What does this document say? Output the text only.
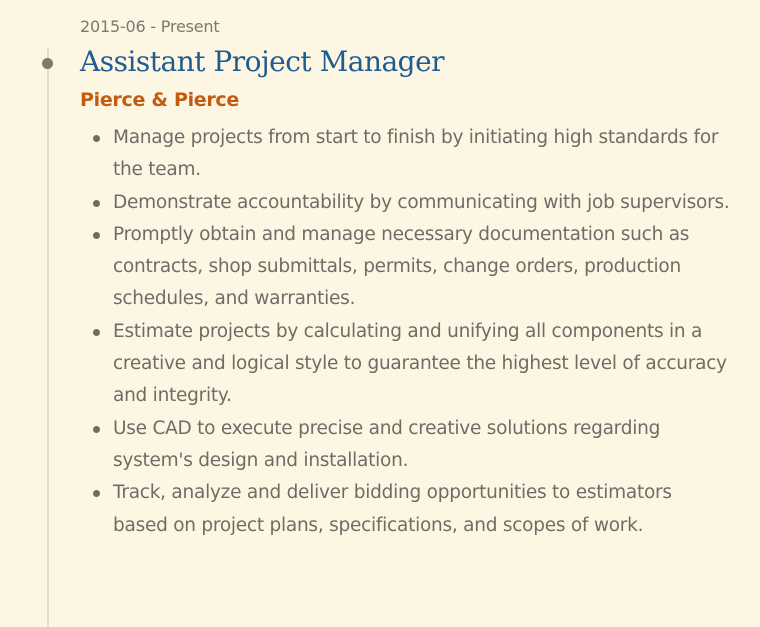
2015-06 - Present
Assistant Project Manager
Pierce & Pierce
Manage projects from start to finish by initiating high standards for the team.
Demonstrate accountability by communicating with job supervisors.
Promptly obtain and manage necessary documentation such as contracts, shop submittals, permits, change orders, production schedules, and warranties.
Estimate projects by calculating and unifying all components in a creative and logical style to guarantee the highest level of accuracy and integrity.
Use CAD to execute precise and creative solutions regarding system's design and installation.
Track, analyze and deliver bidding opportunities to estimators based on project plans, specifications, and scopes of work.
